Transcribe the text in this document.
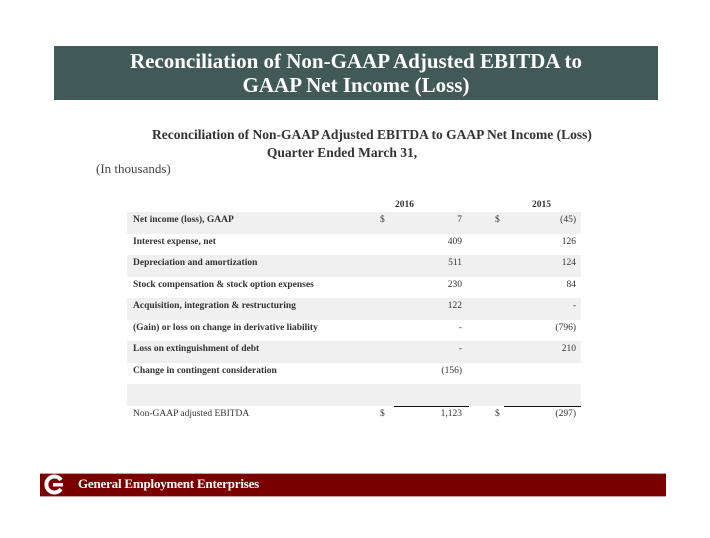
Reconciliation of Non-GAAP Adjusted EBITDA to
GAAP Net Income (Loss)
Reconciliation of Non-GAAP Adjusted EBITDA to GAAP Net Income (Loss)
Quarter Ended March 31,
(In thousands)
2016	2015
Net income (loss), GAAP	$	7	$	(45)
Interest expense, net	409	126
Depreciation and amortization	511	124
Stock compensation & stock option expenses	230	84
Acquisition, integration & restructuring	122	-
(Gain) or loss on change in derivative liability	-	(796)
Loss on extinguishment of debt	-	210
Change in contingent consideration	(156)
Non-GAAP adjusted EBITDA	$	1,123	$	(297)
General Employment Enterprises
